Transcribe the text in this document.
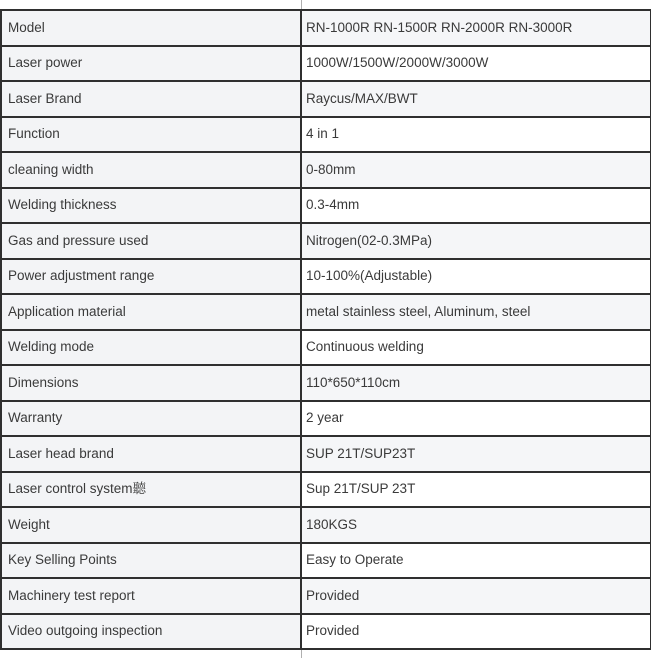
Model	RN-1000R RN-1500R RN-2000R RN-3000R
Laser power	1000W/1500W/2000W/3000W
Laser Brand	Raycus/MAX/BWT
Function	4 in 1
cleaning width	0-80mm
Welding thickness	0.3-4mm
Gas and pressure used	Nitrogen(02-0.3MPa)
Power adjustment range	10-100%(Adjustable)
Application material	metal stainless steel, Aluminum, steel
Welding mode	Continuous welding
Dimensions	110*650*110cm
Warranty	2 year
Laser head brand	SUP 21T/SUP23T
Laser control system聽	Sup 21T/SUP 23T
Weight	180KGS
Key Selling Points	Easy to Operate
Machinery test report	Provided
Video outgoing inspection	Provided
